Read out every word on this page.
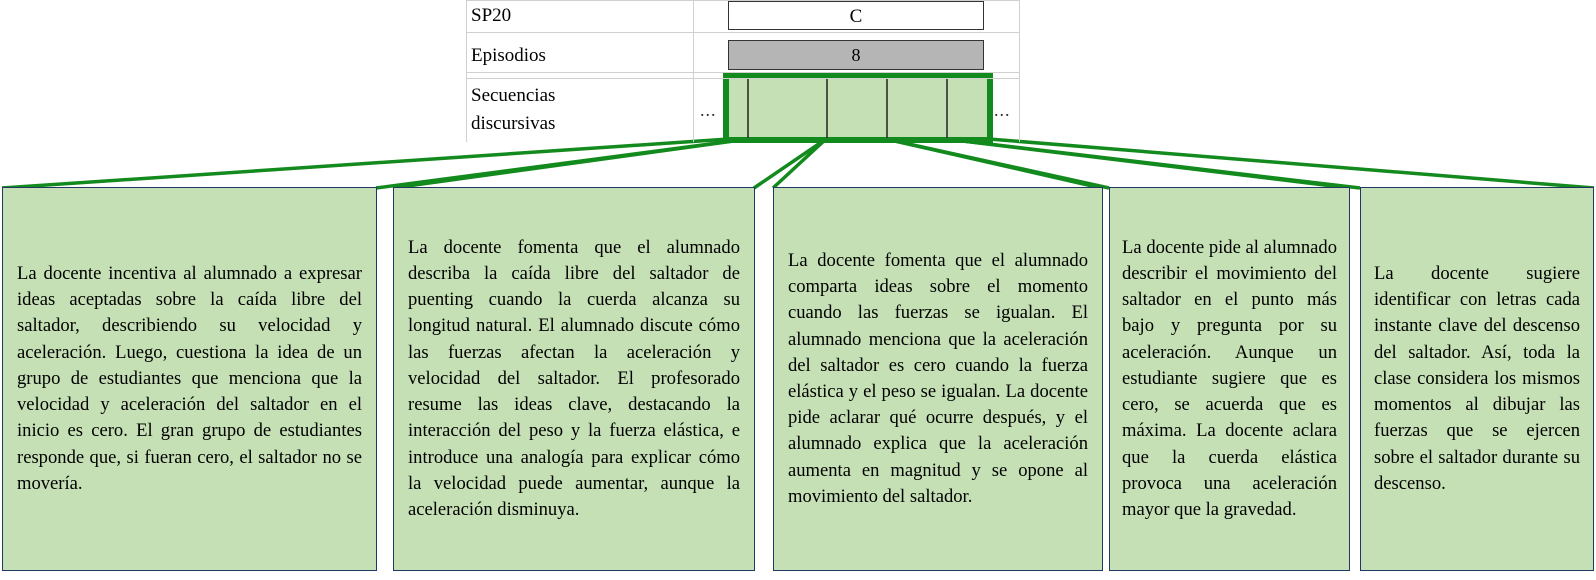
SP20	C
Episodios	8
Secuencias discursivas
...	...

La docente incentiva al alumnado a expresar ideas aceptadas sobre la caída libre del saltador, describiendo su velocidad y aceleración. Luego, cuestiona la idea de un grupo de estudiantes que menciona que la velocidad y aceleración del saltador en el inicio es cero. El gran grupo de estudiantes responde que, si fueran cero, el saltador no se movería.

La docente fomenta que el alumnado describa la caída libre del saltador de puenting cuando la cuerda alcanza su longitud natural. El alumnado discute cómo las fuerzas afectan la aceleración y velocidad del saltador. El profesorado resume las ideas clave, destacando la interacción del peso y la fuerza elástica, e introduce una analogía para explicar cómo la velocidad puede aumentar, aunque la aceleración disminuya.

La docente fomenta que el alumnado comparta ideas sobre el momento cuando las fuerzas se igualan. El alumnado menciona que la aceleración del saltador es cero cuando la fuerza elástica y el peso se igualan. La docente pide aclarar qué ocurre después, y el alumnado explica que la aceleración aumenta en magnitud y se opone al movimiento del saltador.

La docente pide al alumnado describir el movimiento del saltador en el punto más bajo y pregunta por su aceleración. Aunque un estudiante sugiere que es cero, se acuerda que es máxima. La docente aclara que la cuerda elástica provoca una aceleración mayor que la gravedad.

La docente sugiere identificar con letras cada instante clave del descenso del saltador. Así, toda la clase considera los mismos momentos al dibujar las fuerzas que se ejercen sobre el saltador durante su descenso.
